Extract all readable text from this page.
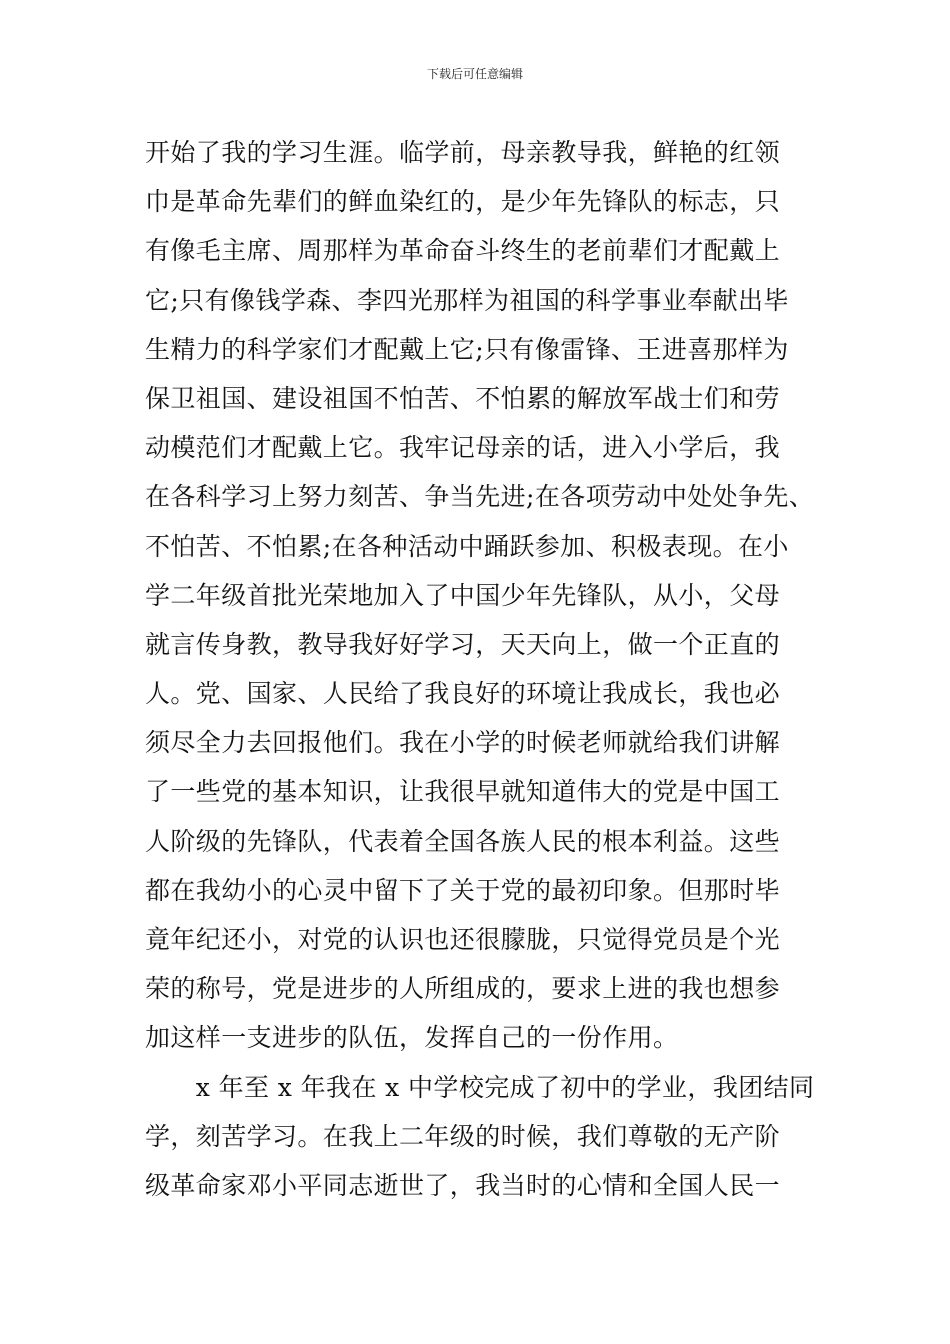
下载后可任意编辑
开始了我的学习生涯。临学前，母亲教导我，鲜艳的红领
巾是革命先辈们的鲜血染红的，是少年先锋队的标志，只
有像毛主席、周那样为革命奋斗终生的老前辈们才配戴上
它;只有像钱学森、李四光那样为祖国的科学事业奉献出毕
生精力的科学家们才配戴上它;只有像雷锋、王进喜那样为
保卫祖国、建设祖国不怕苦、不怕累的解放军战士们和劳
动模范们才配戴上它。我牢记母亲的话，进入小学后，我
在各科学习上努力刻苦、争当先进;在各项劳动中处处争先、
不怕苦、不怕累;在各种活动中踊跃参加、积极表现。在小
学二年级首批光荣地加入了中国少年先锋队，从小，父母
就言传身教，教导我好好学习，天天向上，做一个正直的
人。党、国家、人民给了我良好的环境让我成长，我也必
须尽全力去回报他们。我在小学的时候老师就给我们讲解
了一些党的基本知识，让我很早就知道伟大的党是中国工
人阶级的先锋队，代表着全国各族人民的根本利益。这些
都在我幼小的心灵中留下了关于党的最初印象。但那时毕
竟年纪还小，对党的认识也还很朦胧，只觉得党员是个光
荣的称号，党是进步的人所组成的，要求上进的我也想参
加这样一支进步的队伍，发挥自己的一份作用。
　　x 年至 x 年我在 x 中学校完成了初中的学业，我团结同
学，刻苦学习。在我上二年级的时候，我们尊敬的无产阶
级革命家邓小平同志逝世了，我当时的心情和全国人民一
